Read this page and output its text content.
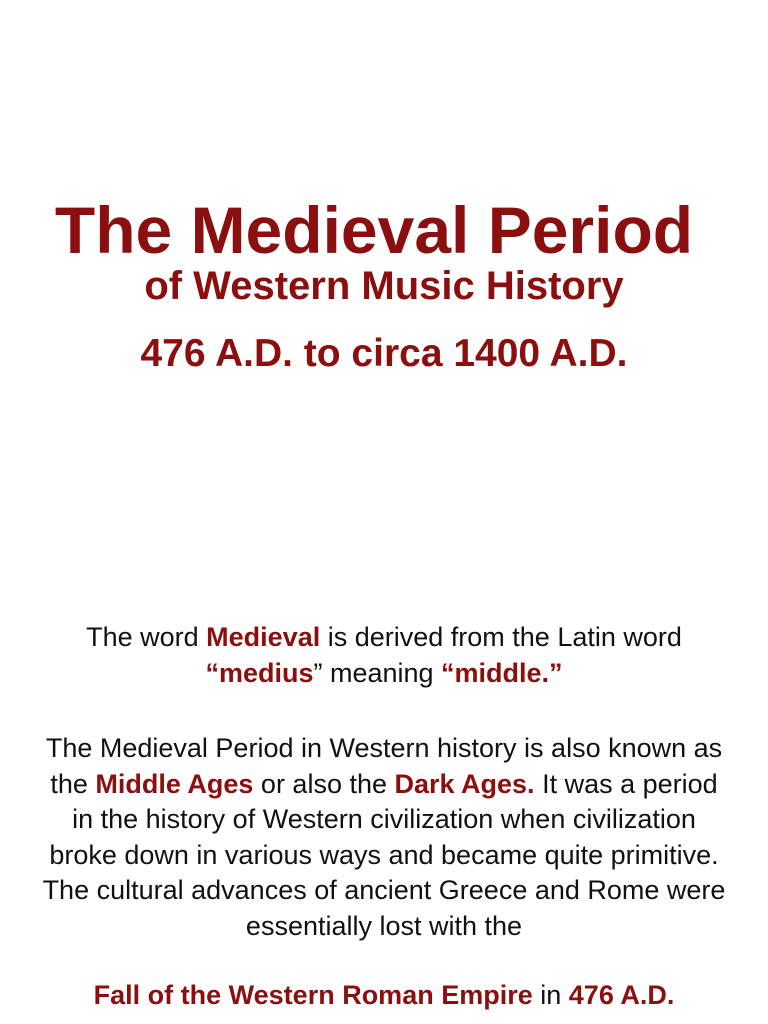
The Medieval Period
of Western Music History
476 A.D. to circa 1400 A.D.
The word Medieval is derived from the Latin word “medius” meaning “middle.”
The Medieval Period in Western history is also known as the Middle Ages or also the Dark Ages. It was a period in the history of Western civilization when civilization broke down in various ways and became quite primitive. The cultural advances of ancient Greece and Rome were essentially lost with the
Fall of the Western Roman Empire in 476 A.D.
